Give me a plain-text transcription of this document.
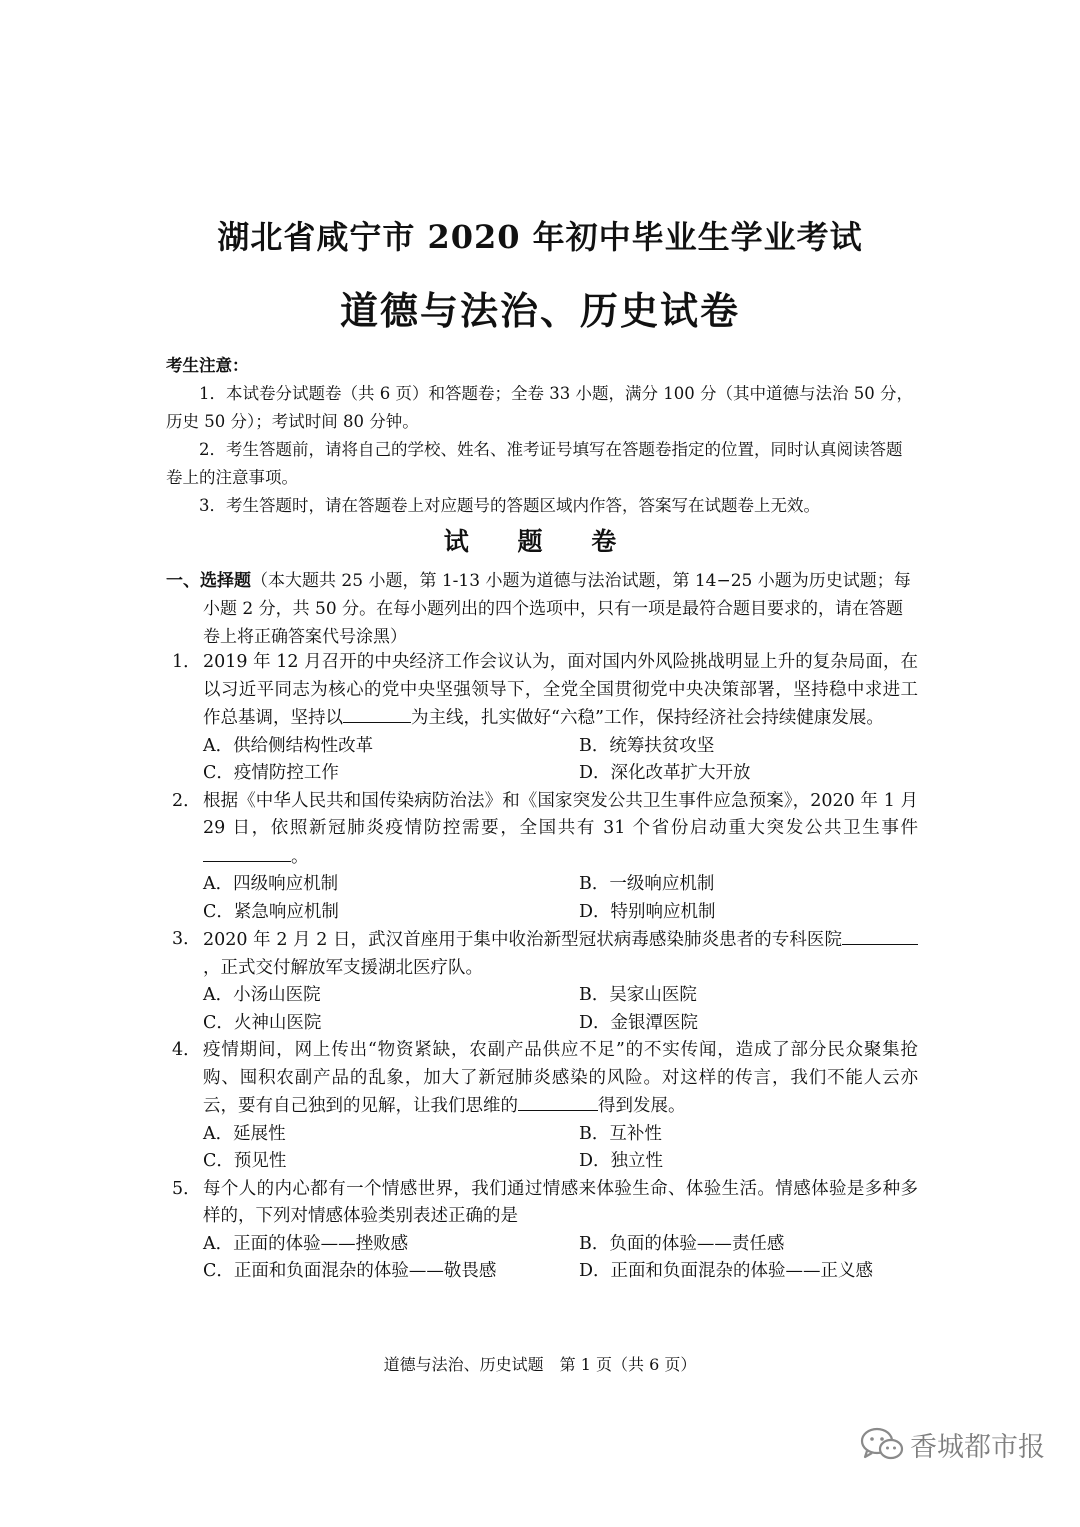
湖北省咸宁市 2020 年初中毕业生学业考试
道德与法治、历史试卷
考生注意：

1．本试卷分试题卷（共 6 页）和答题卷；全卷 33 小题，满分 100 分（其中道德与法治 50 分，历史 50 分）；考试时间 80 分钟。

2．考生答题前，请将自己的学校、姓名、准考证号填写在答题卷指定的位置，同时认真阅读答题卷上的注意事项。

3．考生答题时，请在答题卷上对应题号的答题区域内作答，答案写在试题卷上无效。

试 题 卷
一、选择题（本大题共 25 小题，第 1-13 小题为道德与法治试题，第 14−25 小题为历史试题；每小题 2 分，共 50 分。在每小题列出的四个选项中，只有一项是最符合题目要求的，请在答题卷上将正确答案代号涂黑）
1． 2019 年 12 月召开的中央经济工作会议认为，面对国内外风险挑战明显上升的复杂局面，在以习近平同志为核心的党中央坚强领导下，全党全国贯彻党中央决策部署，坚持稳中求进工作总基调，坚持以	为主线，扎实做好“六稳”工作，保持经济社会持续健康发展。
A．供给侧结构性改革	B．统筹扶贫攻坚
C．疫情防控工作	D．深化改革扩大开放
2． 根据《中华人民共和国传染病防治法》和《国家突发公共卫生事件应急预案》，2020 年 1 月 29 日，依照新冠肺炎疫情防控需要，全国共有 31 个省份启动重大突发公共卫生事件。
A．四级响应机制	B．一级响应机制
C．紧急响应机制	D．特别响应机制
3． 2020 年 2 月 2 日，武汉首座用于集中收治新型冠状病毒感染肺炎患者的专科医院，正式交付解放军支援湖北医疗队。
A．小汤山医院	B．吴家山医院
C．火神山医院	D．金银潭医院
4． 疫情期间，网上传出“物资紧缺，农副产品供应不足”的不实传闻，造成了部分民众聚集抢购、囤积农副产品的乱象，加大了新冠肺炎感染的风险。对这样的传言，我们不能人云亦云，要有自己独到的见解，让我们思维的	得到发展。
A．延展性	B．互补性
C．预见性	D．独立性
5． 每个人的内心都有一个情感世界，我们通过情感来体验生命、体验生活。情感体验是多种多样的，下列对情感体验类别表述正确的是
A．正面的体验——挫败感	B．负面的体验——责任感
C．正面和负面混杂的体验——敬畏感	D．正面和负面混杂的体验——正义感
道德与法治、历史试题　第 1 页（共 6 页）
香城都市报
